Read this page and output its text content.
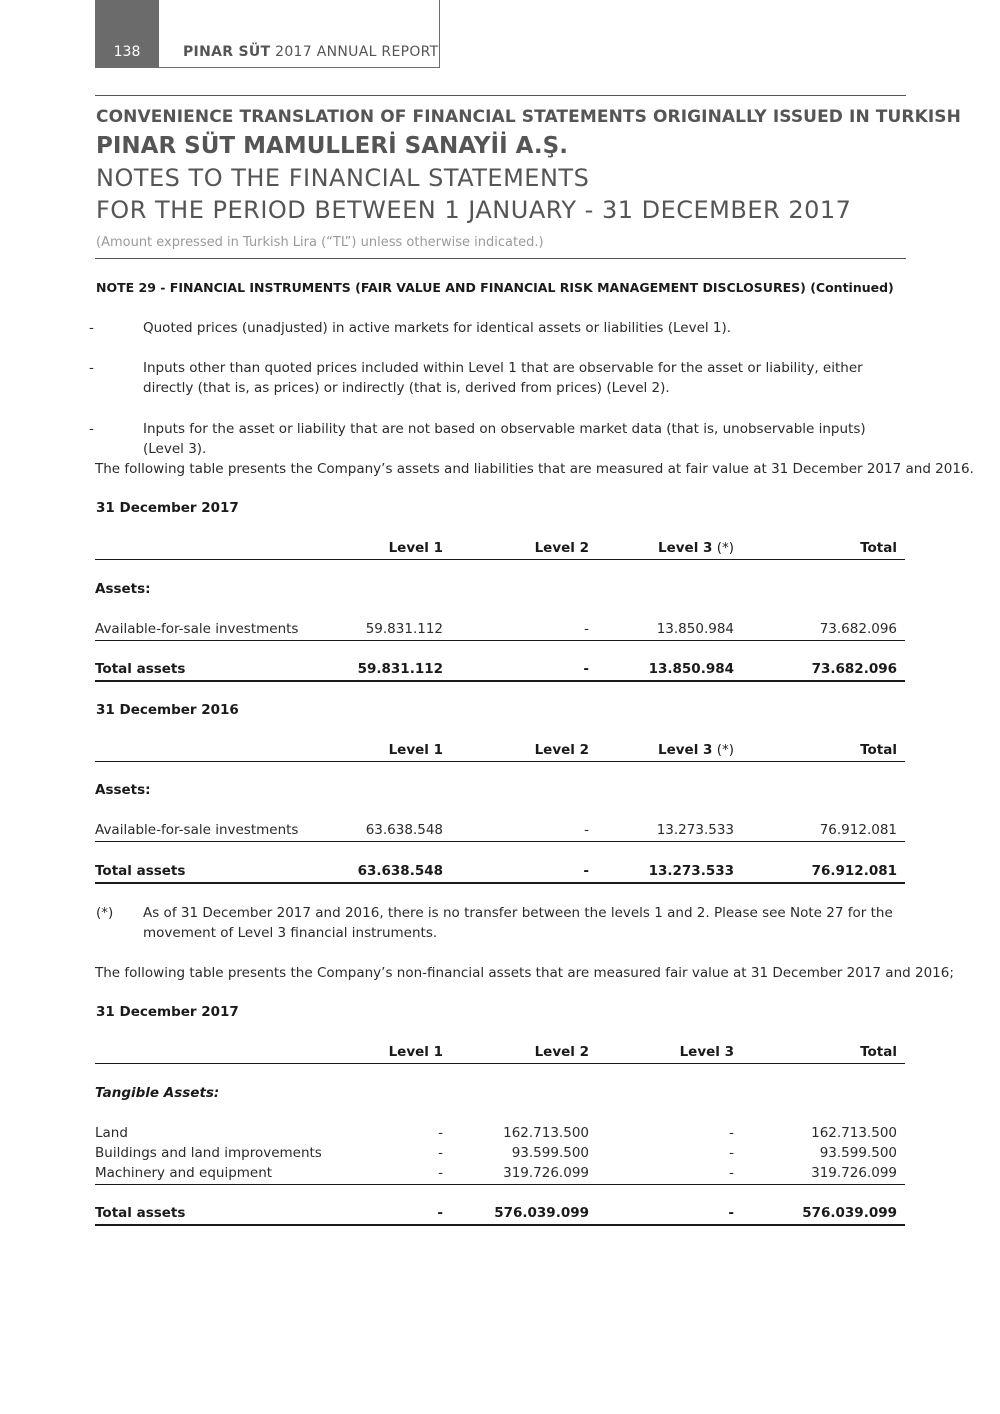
138	PINAR SÜT 2017 ANNUAL REPORT
CONVENIENCE TRANSLATION OF FINANCIAL STATEMENTS ORIGINALLY ISSUED IN TURKISH
PINAR SÜT MAMULLERİ SANAYİİ A.Ş.
NOTES TO THE FINANCIAL STATEMENTS
FOR THE PERIOD BETWEEN 1 JANUARY - 31 DECEMBER 2017
(Amount expressed in Turkish Lira (“TL”) unless otherwise indicated.)
NOTE 29 - FINANCIAL INSTRUMENTS (FAIR VALUE AND FINANCIAL RISK MANAGEMENT DISCLOSURES) (Continued)
-	Quoted prices (unadjusted) in active markets for identical assets or liabilities (Level 1).
-	Inputs other than quoted prices included within Level 1 that are observable for the asset or liability, either directly (that is, as prices) or indirectly (that is, derived from prices) (Level 2).
-	Inputs for the asset or liability that are not based on observable market data (that is, unobservable inputs) (Level 3).
The following table presents the Company’s assets and liabilities that are measured at fair value at 31 December 2017 and 2016.
31 December 2017
Level 1	Level 2	Level 3 (*)	Total
Assets:
Available-for-sale investments	59.831.112	-	13.850.984	73.682.096
Total assets	59.831.112	-	13.850.984	73.682.096
31 December 2016
Level 1	Level 2	Level 3 (*)	Total
Assets:
Available-for-sale investments	63.638.548	-	13.273.533	76.912.081
Total assets	63.638.548	-	13.273.533	76.912.081
(*) As of 31 December 2017 and 2016, there is no transfer between the levels 1 and 2. Please see Note 27 for the movement of Level 3 financial instruments.
The following table presents the Company’s non-financial assets that are measured fair value at 31 December 2017 and 2016;
31 December 2017
Level 1	Level 2	Level 3	Total
Tangible Assets:
Land	-	162.713.500	-	162.713.500
Buildings and land improvements	-	93.599.500	-	93.599.500
Machinery and equipment	-	319.726.099	-	319.726.099
Total assets	-	576.039.099	-	576.039.099
